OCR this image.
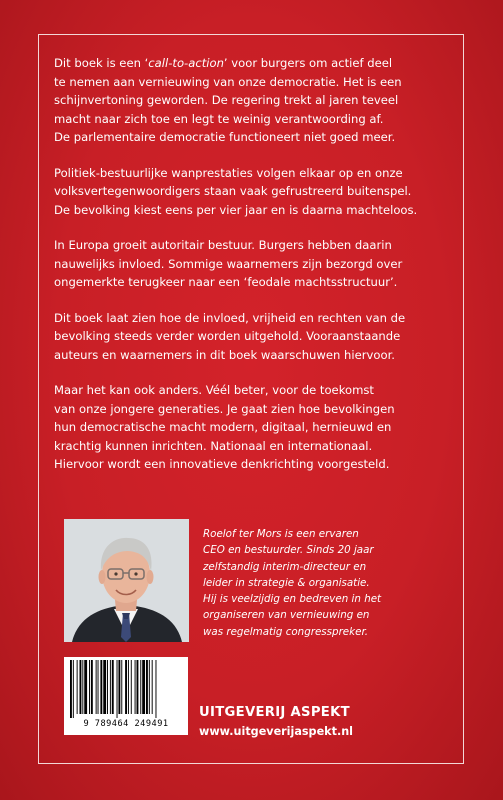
Dit boek is een ‘call-to-action’ voor burgers om actief deel
te nemen aan vernieuwing van onze democratie. Het is een
schijnvertoning geworden. De regering trekt al jaren teveel
macht naar zich toe en legt te weinig verantwoording af.
De parlementaire democratie functioneert niet goed meer.

Politiek-bestuurlijke wanprestaties volgen elkaar op en onze
volksvertegenwoordigers staan vaak gefrustreerd buitenspel.
De bevolking kiest eens per vier jaar en is daarna machteloos.

In Europa groeit autoritair bestuur. Burgers hebben daarin
nauwelijks invloed. Sommige waarnemers zijn bezorgd over
ongemerkte terugkeer naar een ‘feodale machtsstructuur’.

Dit boek laat zien hoe de invloed, vrijheid en rechten van de
bevolking steeds verder worden uitgehold. Vooraanstaande
auteurs en waarnemers in dit boek waarschuwen hiervoor.

Maar het kan ook anders. Véél beter, voor de toekomst
van onze jongere generaties. Je gaat zien hoe bevolkingen
hun democratische macht modern, digitaal, hernieuwd en
krachtig kunnen inrichten. Nationaal en internationaal.
Hiervoor wordt een innovatieve denkrichting voorgesteld.

Roelof ter Mors is een ervaren
CEO en bestuurder. Sinds 20 jaar
zelfstandig interim-directeur en
leider in strategie & organisatie.
Hij is veelzijdig en bedreven in het
organiseren van vernieuwing en
was regelmatig congresspreker.
9 789464 249491
UITGEVERIJ ASPEKT
www.uitgeverijaspekt.nl
